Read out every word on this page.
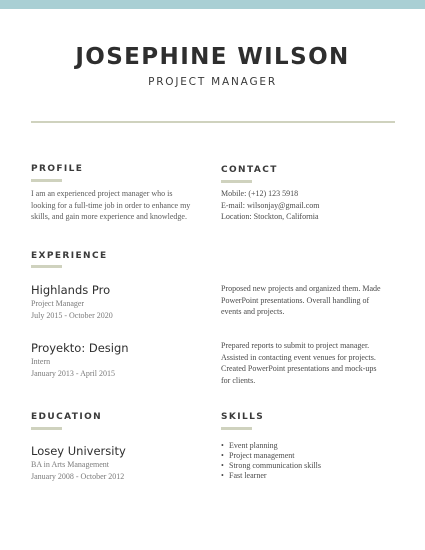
JOSEPHINE WILSON
PROJECT MANAGER
PROFILE
I am an experienced project manager who is
looking for a full-time job in order to enhance my
skills, and gain more experience and knowledge.
CONTACT
Mobile: (+12) 123 5918
E-mail: wilsonjay@gmail.com
Location: Stockton, California
EXPERIENCE
Highlands Pro
Project Manager
July 2015 - October 2020
Proposed new projects and organized them. Made
PowerPoint presentations. Overall handling of
events and projects.
Proyekto: Design
Intern
January 2013 - April 2015
Prepared reports to submit to project manager.
Assisted in contacting event venues for projects.
Created PowerPoint presentations and mock-ups
for clients.
EDUCATION
Losey University
BA in Arts Management
January 2008 - October 2012
SKILLS
• Event planning
• Project management
• Strong communication skills
• Fast learner
